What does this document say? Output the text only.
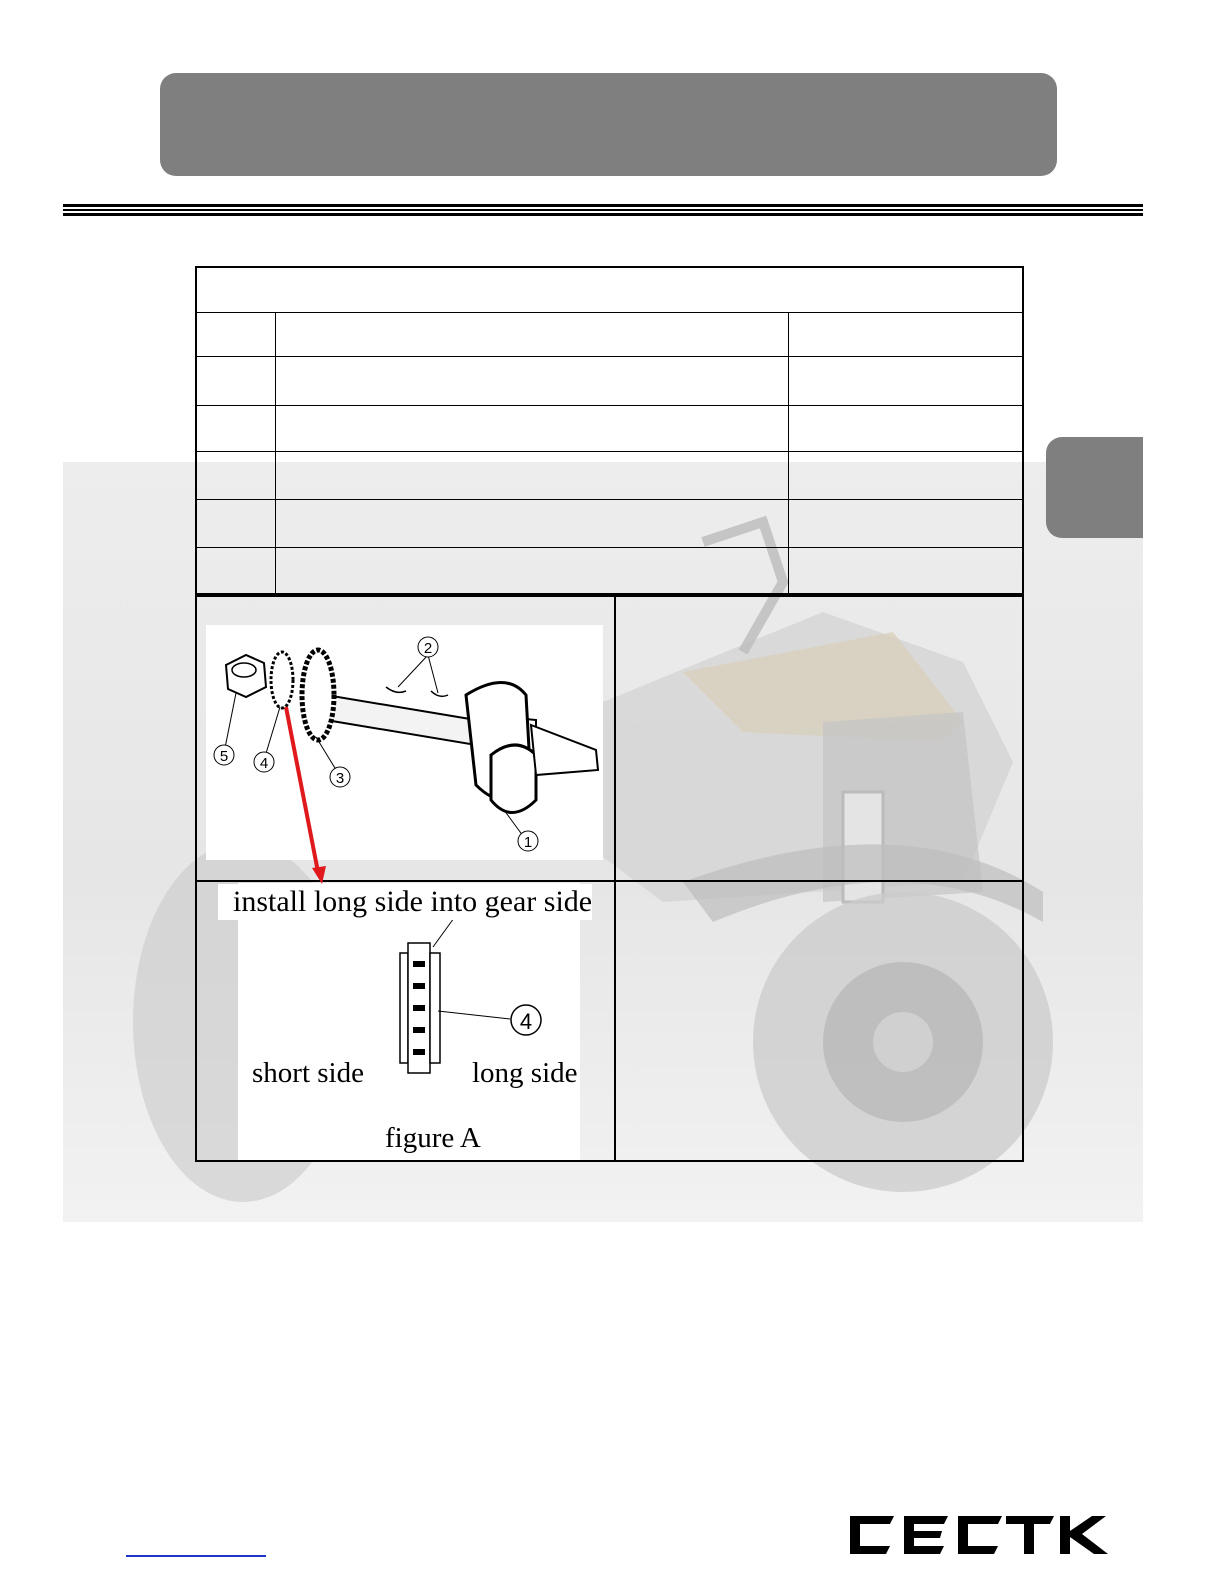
2
5 4
3
1
4
short side	long side
figure A
install long side into gear side
